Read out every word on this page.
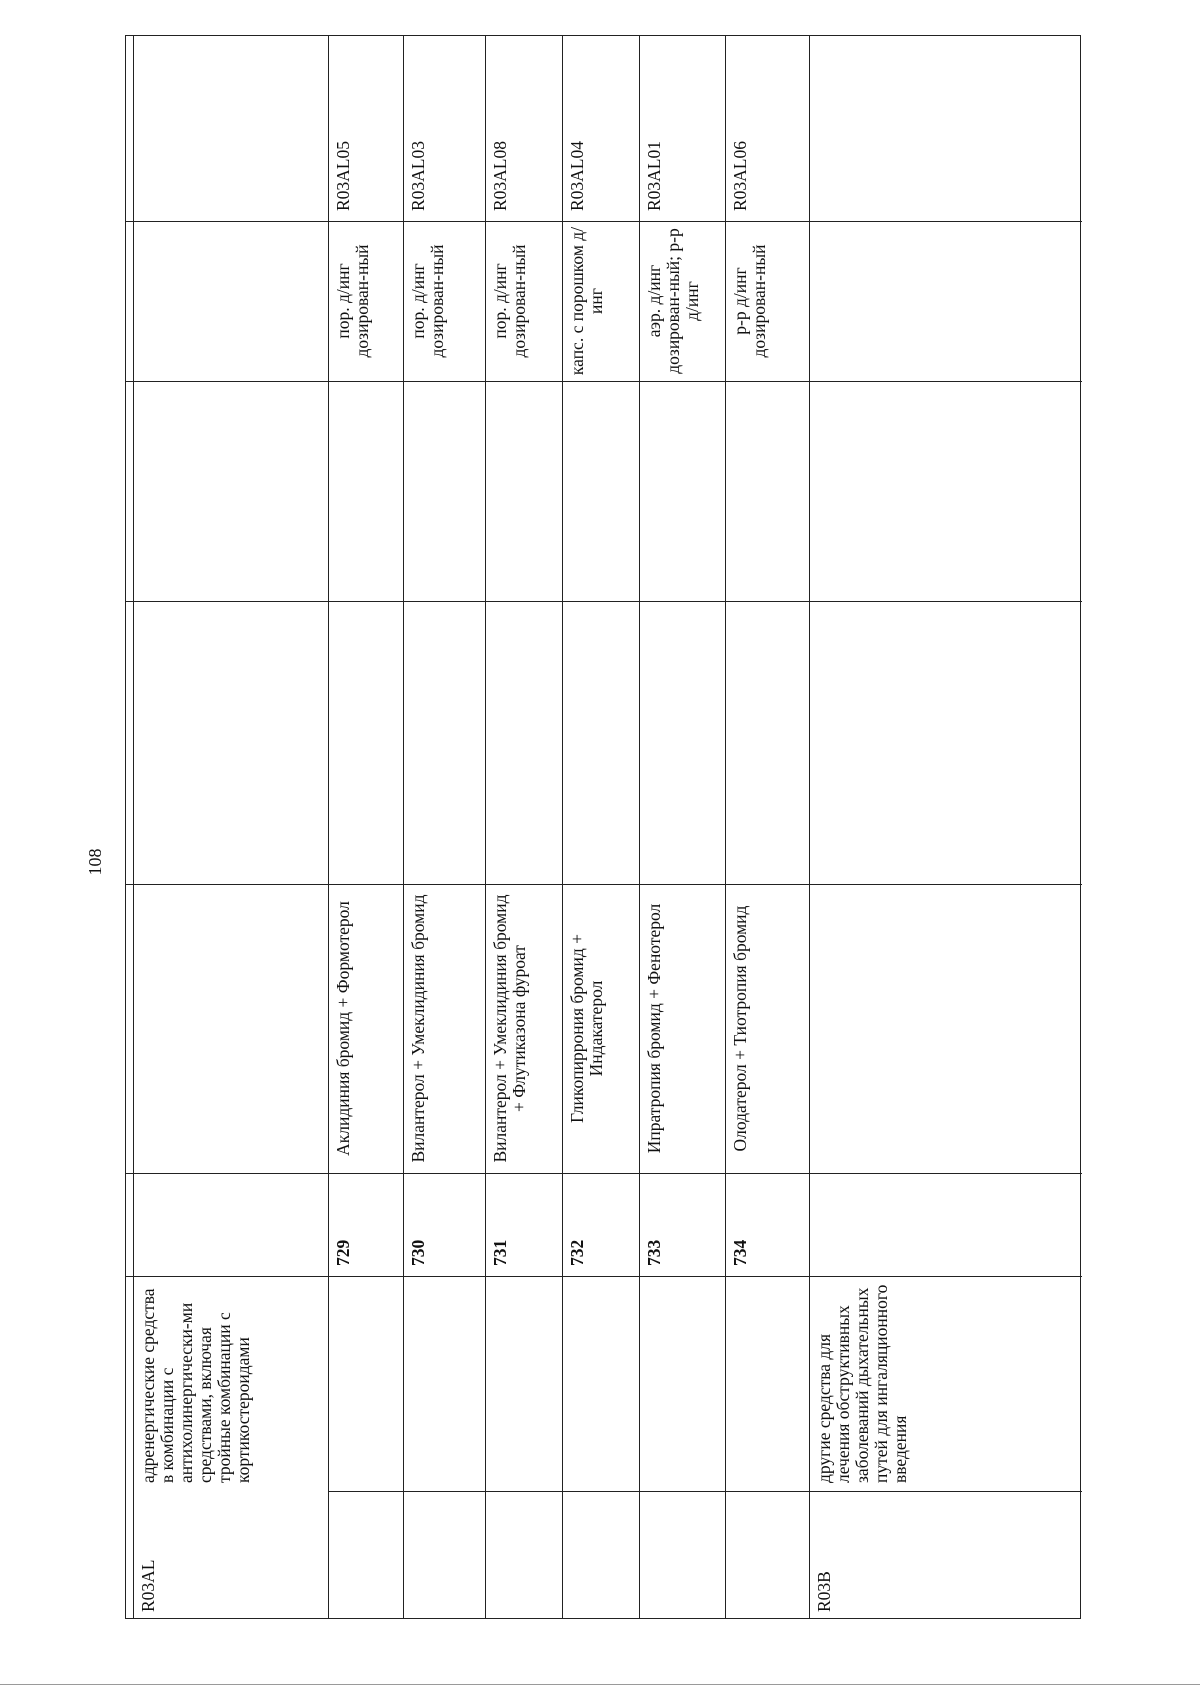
108
R03AL
адренергические средства в комбинации с антихолинергически-ми средствами, включая тройные комбинации с кортикостероидами
729
Аклидиния бромид + Формотерол
пор. д/инг дозирован-ный
R03AL05
730
Вилантерол + Умеклидиния бромид
пор. д/инг дозирован-ный
R03AL03
731
Вилантерол + Умеклидиния бромид + Флутиказона фуроат
пор. д/инг дозирован-ный
R03AL08
732
Гликопиррония бромид + Индакатерол
капс. с порошком д/инг
R03AL04
733
Ипратропия бромид + Фенотерол
аэр. д/инг дозирован-ный; р-р д/инг
R03AL01
734
Олодатерол + Тиотропия бромид
р-р д/инг дозирован-ный
R03AL06
R03B
другие средства для лечения обструктивных заболеваний дыхательных путей для ингаляционного введения
